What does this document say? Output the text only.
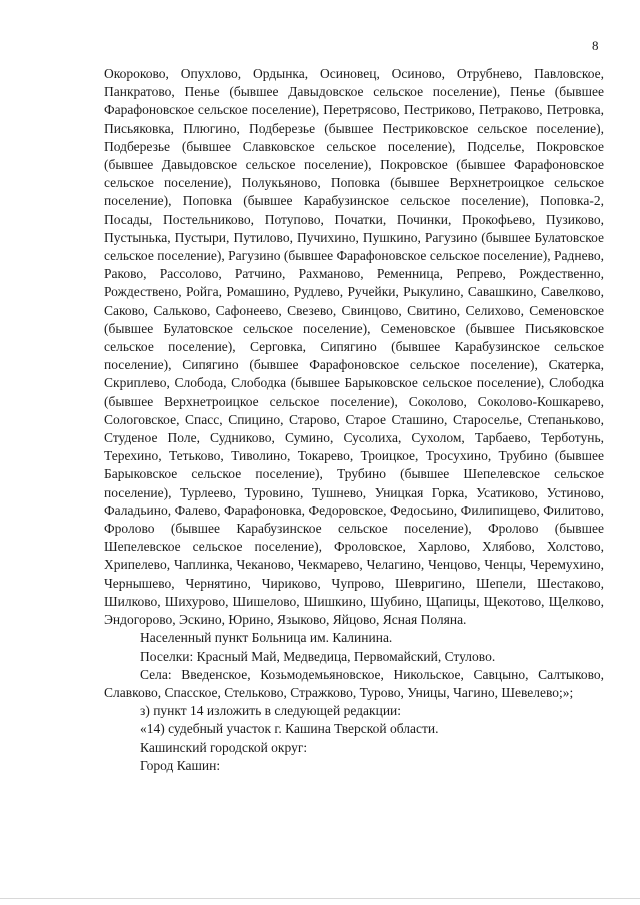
8

Окороково, Опухлово, Ордынка, Осиновец, Осиново, Отрубнево, Павловское, Панкратово, Пенье (бывшее Давыдовское сельское поселение), Пенье (бывшее Фарафоновское сельское поселение), Перетрясово, Пестриково, Петраково, Петровка, Письяковка, Плюгино, Подберезье (бывшее Пестриковское сельское поселение), Подберезье (бывшее Славковское сельское поселение), Подселье, Покровское (бывшее Давыдовское сельское поселение), Покровское (бывшее Фарафоновское сельское поселение), Полукьяново, Поповка (бывшее Верхнетроицкое сельское поселение), Поповка (бывшее Карабузинское сельское поселение), Поповка-2, Посады, Постельниково, Потупово, Початки, Починки, Прокофьево, Пузиково, Пустынька, Пустыри, Путилово, Пучихино, Пушкино, Рагузино (бывшее Булатовское сельское поселение), Рагузино (бывшее Фарафоновское сельское поселение), Раднево, Раково, Рассолово, Ратчино, Рахманово, Ременница, Репрево, Рождественно, Рождествено, Ройга, Ромашино, Рудлево, Ручейки, Рыкулино, Савашкино, Савелково, Саково, Сальково, Сафонеево, Свезево, Свинцово, Свитино, Селихово, Семеновское (бывшее Булатовское сельское поселение), Семеновское (бывшее Письяковское сельское поселение), Серговка, Сипягино (бывшее Карабузинское сельское поселение), Сипягино (бывшее Фарафоновское сельское поселение), Скатерка, Скриплево, Слобода, Слободка (бывшее Барыковское сельское поселение), Слободка (бывшее Верхнетроицкое сельское поселение), Соколово, Соколово-Кошкарево, Сологовское, Спасс, Спицино, Старово, Старое Сташино, Староселье, Степаньково, Студеное Поле, Судниково, Сумино, Сусолиха, Сухолом, Тарбаево, Терботунь, Терехино, Тетьково, Тиволино, Токарево, Троицкое, Тросухино, Трубино (бывшее Барыковское сельское поселение), Трубино (бывшее Шепелевское сельское поселение), Турлеево, Туровино, Тушнево, Уницкая Горка, Усатиково, Устиново, Фаладьино, Фалево, Фарафоновка, Федоровское, Федосьино, Филипищево, Филитово, Фролово (бывшее Карабузинское сельское поселение), Фролово (бывшее Шепелевское сельское поселение), Фроловское, Харлово, Хлябово, Холстово, Хрипелево, Чаплинка, Чеканово, Чекмарево, Челагино, Ченцово, Ченцы, Черемухино, Чернышево, Чернятино, Чириково, Чупрово, Шевригино, Шепели, Шестаково, Шилково, Шихурово, Шишелово, Шишкино, Шубино, Щапицы, Щекотово, Щелково, Эндогорово, Эскино, Юрино, Языково, Яйцово, Ясная Поляна.

Населенный пункт Больница им. Калинина.

Поселки: Красный Май, Медведица, Первомайский, Стулово.

Села: Введенское, Козьмодемьяновское, Никольское, Савцыно, Салтыково, Славково, Спасское, Стельково, Стражково, Турово, Уницы, Чагино, Шевелево;»;

з) пункт 14 изложить в следующей редакции:

«14) судебный участок г. Кашина Тверской области.

Кашинский городской округ:

Город Кашин:
